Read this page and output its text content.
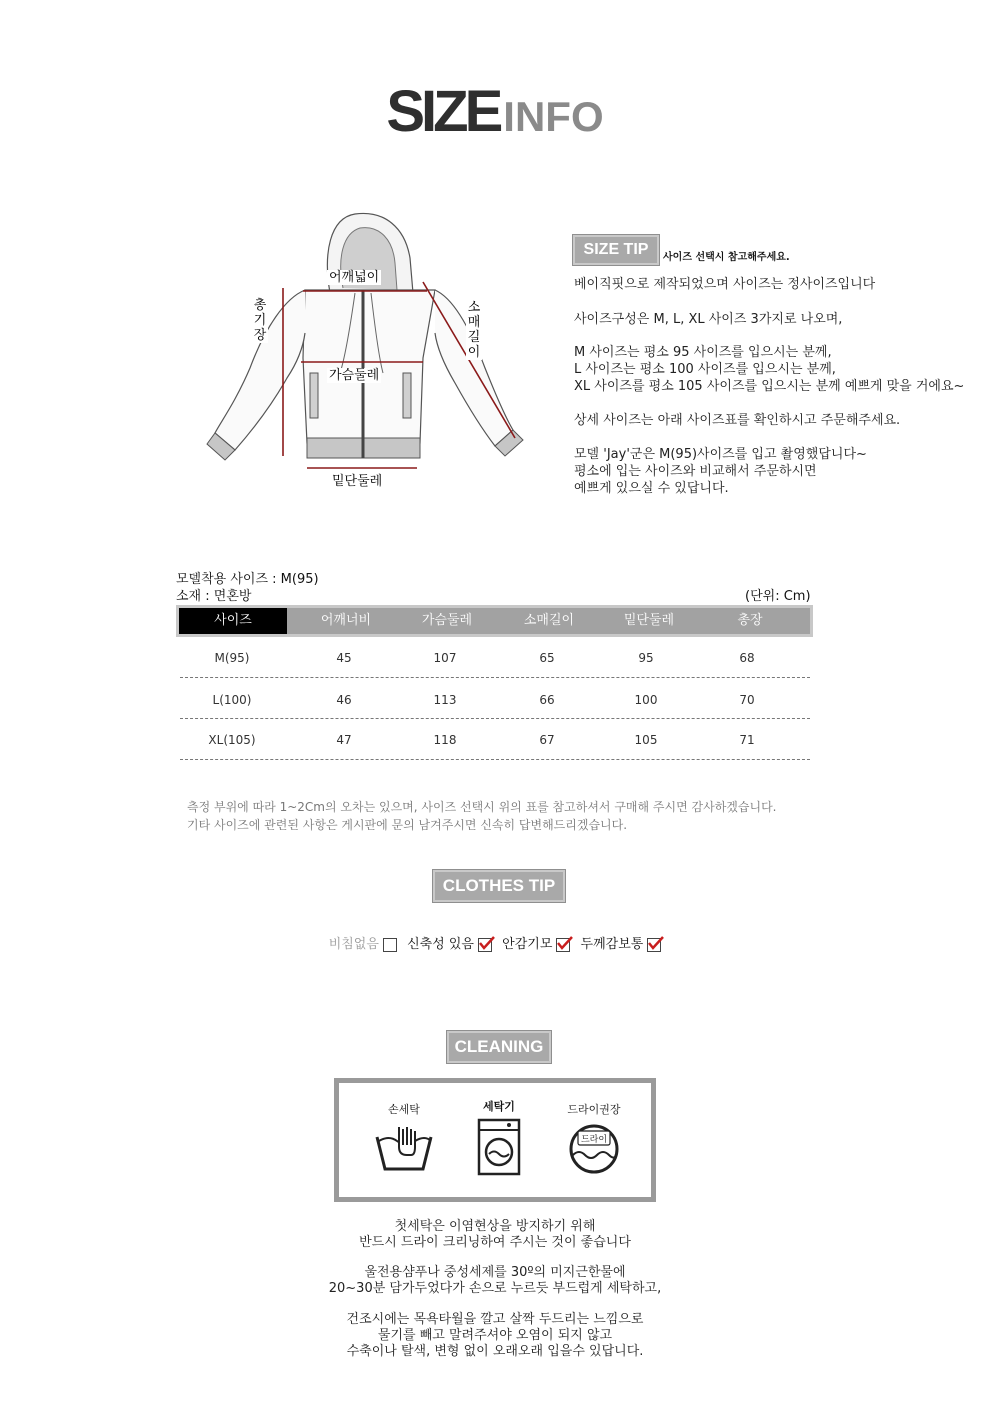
SIZEINFO
어깨넓이
가슴둘레
밑단둘레
총기장
소매길이
SIZE TIP	사이즈 선택시 참고해주세요.
베이직핏으로 제작되었으며 사이즈는 정사이즈입니다
사이즈구성은 M, L, XL 사이즈 3가지로 나오며,
M 사이즈는 평소 95 사이즈를 입으시는 분께,
L 사이즈는 평소 100 사이즈를 입으시는 분께,
XL 사이즈를 평소 105 사이즈를 입으시는 분께 예쁘게 맞을 거에요~
상세 사이즈는 아래 사이즈표를 확인하시고 주문해주세요.
모델 'Jay'군은 M(95)사이즈를 입고 촬영했답니다~
평소에 입는 사이즈와 비교해서 주문하시면
예쁘게 있으실 수 있답니다.
모델착용 사이즈 : M(95)
소재 : 면혼방	(단위: Cm)
사이즈	어깨너비	가슴둘레	소매길이	밑단둘레	총장
M(95)	45	107	65	95	68
L(100)	46	113	66	100	70
XL(105)	47	118	67	105	71
측정 부위에 따라 1~2Cm의 오차는 있으며, 사이즈 선택시 위의 표를 참고하셔서 구매해 주시면 감사하겠습니다.
기타 사이즈에 관련된 사항은 게시판에 문의 남겨주시면 신속히 답변해드리겠습니다.
CLOTHES TIP
비침없음 신축성 있음 안감기모 두께감보통
CLEANING
손세탁	세탁기	드라이권장
드라이
첫세탁은 이염현상을 방지하기 위해
반드시 드라이 크리닝하여 주시는 것이 좋습니다
울전용샴푸나 중성세제를 30º의 미지근한물에
20~30분 담가두었다가 손으로 누르듯 부드럽게 세탁하고,
건조시에는 목욕타월을 깔고 살짝 두드리는 느낌으로
물기를 빼고 말려주셔야 오염이 되지 않고
수축이나 탈색, 변형 없이 오래오래 입을수 있답니다.
